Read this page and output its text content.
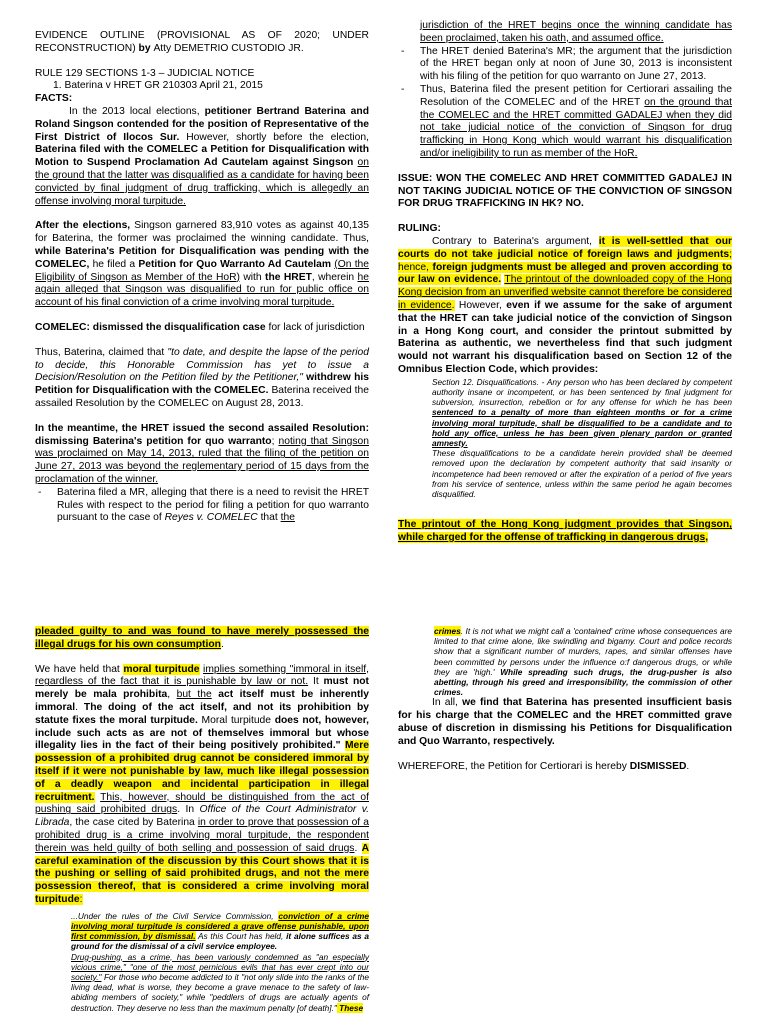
EVIDENCE OUTLINE (PROVISIONAL AS OF 2020; UNDER RECONSTRUCTION) by Atty DEMETRIO CUSTODIO JR.

RULE 129 SECTIONS 1-3 – JUDICIAL NOTICE

1. Baterina v HRET GR 210303 April 21, 2015

FACTS:

In the 2013 local elections, petitioner Bertrand Baterina and Roland Singson contended for the position of Representative of the First District of Ilocos Sur. However, shortly before the election, Baterina filed with the COMELEC a Petition for Disqualification with Motion to Suspend Proclamation Ad Cautelam against Singson on the ground that the latter was disqualified as a candidate for having been convicted by final judgment of drug trafficking, which is allegedly an offense involving moral turpitude.

After the elections, Singson garnered 83,910 votes as against 40,135 for Baterina, the former was proclaimed the winning candidate. Thus, while Baterina's Petition for Disqualification was pending with the COMELEC, he filed a Petition for Quo Warranto Ad Cautelam (On the Eligibility of Singson as Member of the HoR) with the HRET, wherein he again alleged that Singson was disqualified to run for public office on account of his final conviction of a crime involving moral turpitude.

COMELEC: dismissed the disqualification case for lack of jurisdiction

Thus, Baterina, claimed that "to date, and despite the lapse of the period to decide, this Honorable Commission has yet to issue a Decision/Resolution on the Petition filed by the Petitioner," withdrew his Petition for Disqualification with the COMELEC. Baterina received the assailed Resolution by the COMELEC on August 28, 2013.

In the meantime, the HRET issued the second assailed Resolution: dismissing Baterina's petition for quo warranto; noting that Singson was proclaimed on May 14, 2013, ruled that the filing of the petition on June 27, 2013 was beyond the reglementary period of 15 days from the proclamation of the winner.

- Baterina filed a MR, alleging that there is a need to revisit the HRET Rules with respect to the period for filing a petition for quo warranto pursuant to the case of Reyes v. COMELEC that the

jurisdiction of the HRET begins once the winning candidate has been proclaimed, taken his oath, and assumed office.

- The HRET denied Baterina's MR; the argument that the jurisdiction of the HRET began only at noon of June 30, 2013 is inconsistent with his filing of the petition for quo warranto on June 27, 2013.

- Thus, Baterina filed the present petition for Certiorari assailing the Resolution of the COMELEC and of the HRET on the ground that the COMELEC and the HRET committed GADALEJ when they did not take judicial notice of the conviction of Singson for drug trafficking in Hong Kong which would warrant his disqualification and/or ineligibility to run as member of the HoR.

ISSUE: WON THE COMELEC AND HRET COMMITTED GADALEJ IN NOT TAKING JUDICIAL NOTICE OF THE CONVICTION OF SINGSON FOR DRUG TRAFFICKING IN HK? NO.

RULING:

Contrary to Baterina's argument, it is well-settled that our courts do not take judicial notice of foreign laws and judgments; hence, foreign judgments must be alleged and proven according to our law on evidence. The printout of the downloaded copy of the Hong Kong decision from an unverified website cannot therefore be considered in evidence. However, even if we assume for the sake of argument that the HRET can take judicial notice of the conviction of Singson in a Hong Kong court, and consider the printout submitted by Baterina as authentic, we nevertheless find that such judgment would not warrant his disqualification based on Section 12 of the Omnibus Election Code, which provides:

Section 12. Disqualifications. - Any person who has been declared by competent authority insane or incompetent, or has been sentenced by final judgment for subversion, insurrection, rebellion or for any offense for which he has been sentenced to a penalty of more than eighteen months or for a crime involving moral turpitude, shall be disqualified to be a candidate and to hold any office, unless he has been given plenary pardon or granted amnesty.

These disqualifications to be a candidate herein provided shall be deemed removed upon the declaration by competent authority that said insanity or incompetence had been removed or after the expiration of a period of five years from his service of sentence, unless within the same period he again becomes disqualified.

The printout of the Hong Kong judgment provides that Singson, while charged for the offense of trafficking in dangerous drugs,

pleaded guilty to and was found to have merely possessed the illegal drugs for his own consumption.

We have held that moral turpitude implies something "immoral in itself, regardless of the fact that it is punishable by law or not. It must not merely be mala prohibita, but the act itself must be inherently immoral. The doing of the act itself, and not its prohibition by statute fixes the moral turpitude. Moral turpitude does not, however, include such acts as are not of themselves immoral but whose illegality lies in the fact of their being positively prohibited." Mere possession of a prohibited drug cannot be considered immoral by itself if it were not punishable by law, much like illegal possession of a deadly weapon and incidental participation in illegal recruitment. This, however, should be distinguished from the act of pushing said prohibited drugs. In Office of the Court Administrator v. Librada, the case cited by Baterina in order to prove that possession of a prohibited drug is a crime involving moral turpitude, the respondent therein was held guilty of both selling and possession of said drugs. A careful examination of the discussion by this Court shows that it is the pushing or selling of said prohibited drugs, and not the mere possession thereof, that is considered a crime involving moral turpitude:

...Under the rules of the Civil Service Commission, conviction of a crime involving moral turpitude is considered a grave offense punishable, upon first commission, by dismissal. As this Court has held, it alone suffices as a ground for the dismissal of a civil service employee.

Drug-pushing, as a crime, has been variously condemned as "an especially vicious crime," "one of the most pernicious evils that has ever crept into our society." For those who become addicted to it "not only slide into the ranks of the living dead, what is worse, they become a grave menace to the safety of law-abiding members of society," while "peddlers of drugs are actually agents of destruction. They deserve no less than the maximum penalty [of death]." These

crimes. It is not what we might call a 'contained' crime whose consequences are limited to that crime alone, like swindling and bigamy. Court and police records show that a significant number of murders, rapes, and similar offenses have been committed by persons under the influence o:f dangerous drugs, or while they are 'high.' While spreading such drugs, the drug-pusher is also abetting, through his greed and irresponsibility, the commission of other crimes.

In all, we find that Baterina has presented insufficient basis for his charge that the COMELEC and the HRET committed grave abuse of discretion in dismissing his Petitions for Disqualification and Quo Warranto, respectively.

WHEREFORE, the Petition for Certiorari is hereby DISMISSED.
